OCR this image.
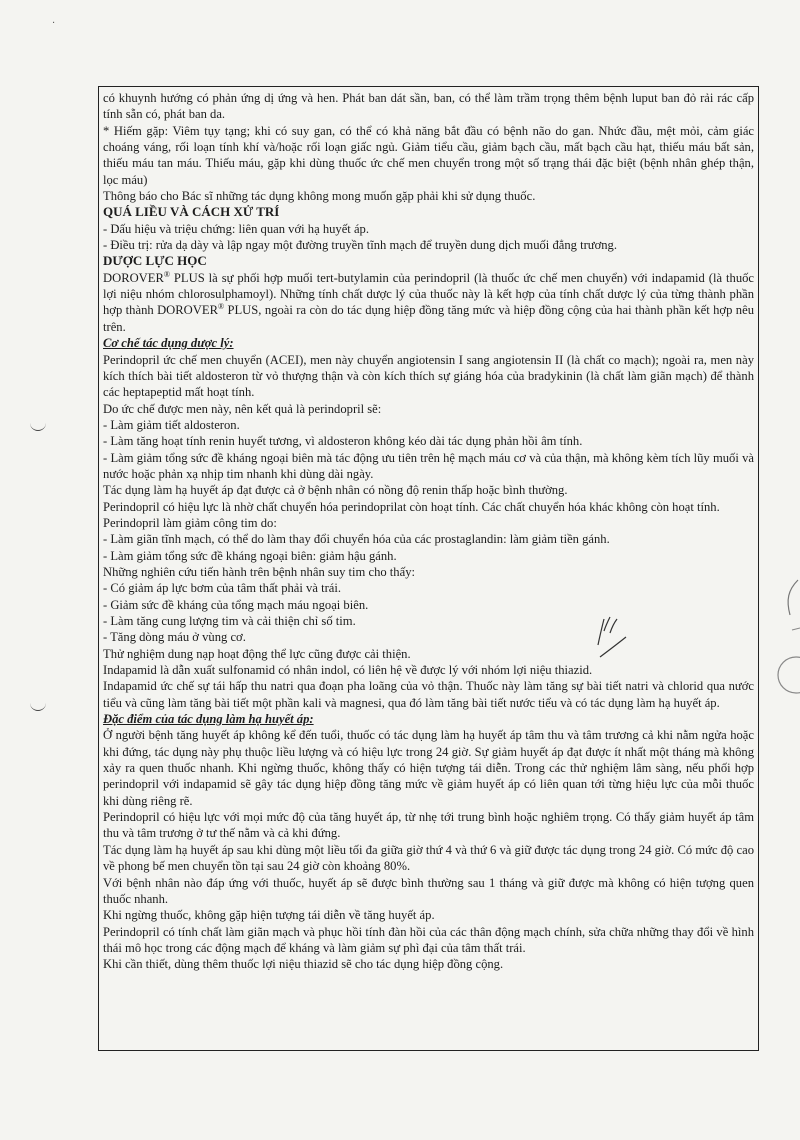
có khuynh hướng có phản ứng dị ứng và hen. Phát ban dát sần, ban, có thể làm trầm trọng thêm bệnh luput ban đỏ rải rác cấp tính sẵn có, phát ban da.

* Hiếm gặp: Viêm tụy tạng; khi có suy gan, có thể có khả năng bắt đầu có bệnh não do gan. Nhức đầu, mệt mỏi, cảm giác choáng váng, rối loạn tính khí và/hoặc rối loạn giấc ngủ. Giảm tiểu cầu, giảm bạch cầu, mất bạch cầu hạt, thiếu máu bất sản, thiếu máu tan máu. Thiếu máu, gặp khi dùng thuốc ức chế men chuyển trong một số trạng thái đặc biệt (bệnh nhân ghép thận, lọc máu)

Thông báo cho Bác sĩ những tác dụng không mong muốn gặp phải khi sử dụng thuốc.

QUÁ LIỀU VÀ CÁCH XỬ TRÍ

- Dấu hiệu và triệu chứng: liên quan với hạ huyết áp.

- Điều trị: rửa dạ dày và lập ngay một đường truyền tĩnh mạch để truyền dung dịch muối đẳng trương.

DƯỢC LỰC HỌC

DOROVER® PLUS là sự phối hợp muối tert-butylamin của perindopril (là thuốc ức chế men chuyển) với indapamid (là thuốc lợi niệu nhóm chlorosulphamoyl). Những tính chất dược lý của thuốc này là kết hợp của tính chất dược lý của từng thành phần hợp thành DOROVER® PLUS, ngoài ra còn do tác dụng hiệp đồng tăng mức và hiệp đồng cộng của hai thành phần kết hợp nêu trên.

Cơ chế tác dụng dược lý:

Perindopril ức chế men chuyển (ACEI), men này chuyển angiotensin I sang angiotensin II (là chất co mạch); ngoài ra, men này kích thích bài tiết aldosteron từ vỏ thượng thận và còn kích thích sự giáng hóa của bradykinin (là chất làm giãn mạch) để thành các heptapeptid mất hoạt tính.

Do ức chế được men này, nên kết quả là perindopril sẽ:

- Làm giảm tiết aldosteron.

- Làm tăng hoạt tính renin huyết tương, vì aldosteron không kéo dài tác dụng phản hồi âm tính.

- Làm giảm tổng sức đề kháng ngoại biên mà tác động ưu tiên trên hệ mạch máu cơ và của thận, mà không kèm tích lũy muối và nước hoặc phản xạ nhịp tim nhanh khi dùng dài ngày.

Tác dụng làm hạ huyết áp đạt được cả ở bệnh nhân có nồng độ renin thấp hoặc bình thường.

Perindopril có hiệu lực là nhờ chất chuyển hóa perindoprilat còn hoạt tính. Các chất chuyển hóa khác không còn hoạt tính.

Perindopril làm giảm công tim do:

- Làm giãn tĩnh mạch, có thể do làm thay đổi chuyển hóa của các prostaglandin: làm giảm tiền gánh.

- Làm giảm tổng sức đề kháng ngoại biên: giảm hậu gánh.

Những nghiên cứu tiến hành trên bệnh nhân suy tim cho thấy:

- Có giảm áp lực bơm của tâm thất phải và trái.

- Giảm sức đề kháng của tổng mạch máu ngoại biên.

- Làm tăng cung lượng tim và cải thiện chỉ số tim.

- Tăng dòng máu ở vùng cơ.

Thử nghiệm dung nạp hoạt động thể lực cũng được cải thiện.

Indapamid là dẫn xuất sulfonamid có nhân indol, có liên hệ về được lý với nhóm lợi niệu thiazid.

Indapamid ức chế sự tái hấp thu natri qua đoạn pha loãng của vỏ thận. Thuốc này làm tăng sự bài tiết natri và chlorid qua nước tiểu và cũng làm tăng bài tiết một phần kali và magnesi, qua đó làm tăng bài tiết nước tiểu và có tác dụng làm hạ huyết áp.

Đặc điểm của tác dụng làm hạ huyết áp:

Ở người bệnh tăng huyết áp không kể đến tuổi, thuốc có tác dụng làm hạ huyết áp tâm thu và tâm trương cả khi nằm ngửa hoặc khi đứng, tác dụng này phụ thuộc liều lượng và có hiệu lực trong 24 giờ. Sự giảm huyết áp đạt được ít nhất một tháng mà không xảy ra quen thuốc nhanh. Khi ngừng thuốc, không thấy có hiện tượng tái diễn. Trong các thử nghiệm lâm sàng, nếu phối hợp perindopril với indapamid sẽ gây tác dụng hiệp đồng tăng mức về giảm huyết áp có liên quan tới từng hiệu lực của mỗi thuốc khi dùng riêng rẽ.

Perindopril có hiệu lực với mọi mức độ của tăng huyết áp, từ nhẹ tới trung bình hoặc nghiêm trọng. Có thấy giảm huyết áp tâm thu và tâm trương ở tư thế nằm và cả khi đứng.

Tác dụng làm hạ huyết áp sau khi dùng một liều tối đa giữa giờ thứ 4 và thứ 6 và giữ được tác dụng trong 24 giờ. Có mức độ cao về phong bế men chuyển tồn tại sau 24 giờ còn khoảng 80%.

Với bệnh nhân nào đáp ứng với thuốc, huyết áp sẽ được bình thường sau 1 tháng và giữ được mà không có hiện tượng quen thuốc nhanh.

Khi ngừng thuốc, không gặp hiện tượng tái diễn về tăng huyết áp.

Perindopril có tính chất làm giãn mạch và phục hồi tính đàn hồi của các thân động mạch chính, sửa chữa những thay đổi về hình thái mô học trong các động mạch để kháng và làm giảm sự phì đại của tâm thất trái.

Khi cần thiết, dùng thêm thuốc lợi niệu thiazid sẽ cho tác dụng hiệp đồng cộng.

·
